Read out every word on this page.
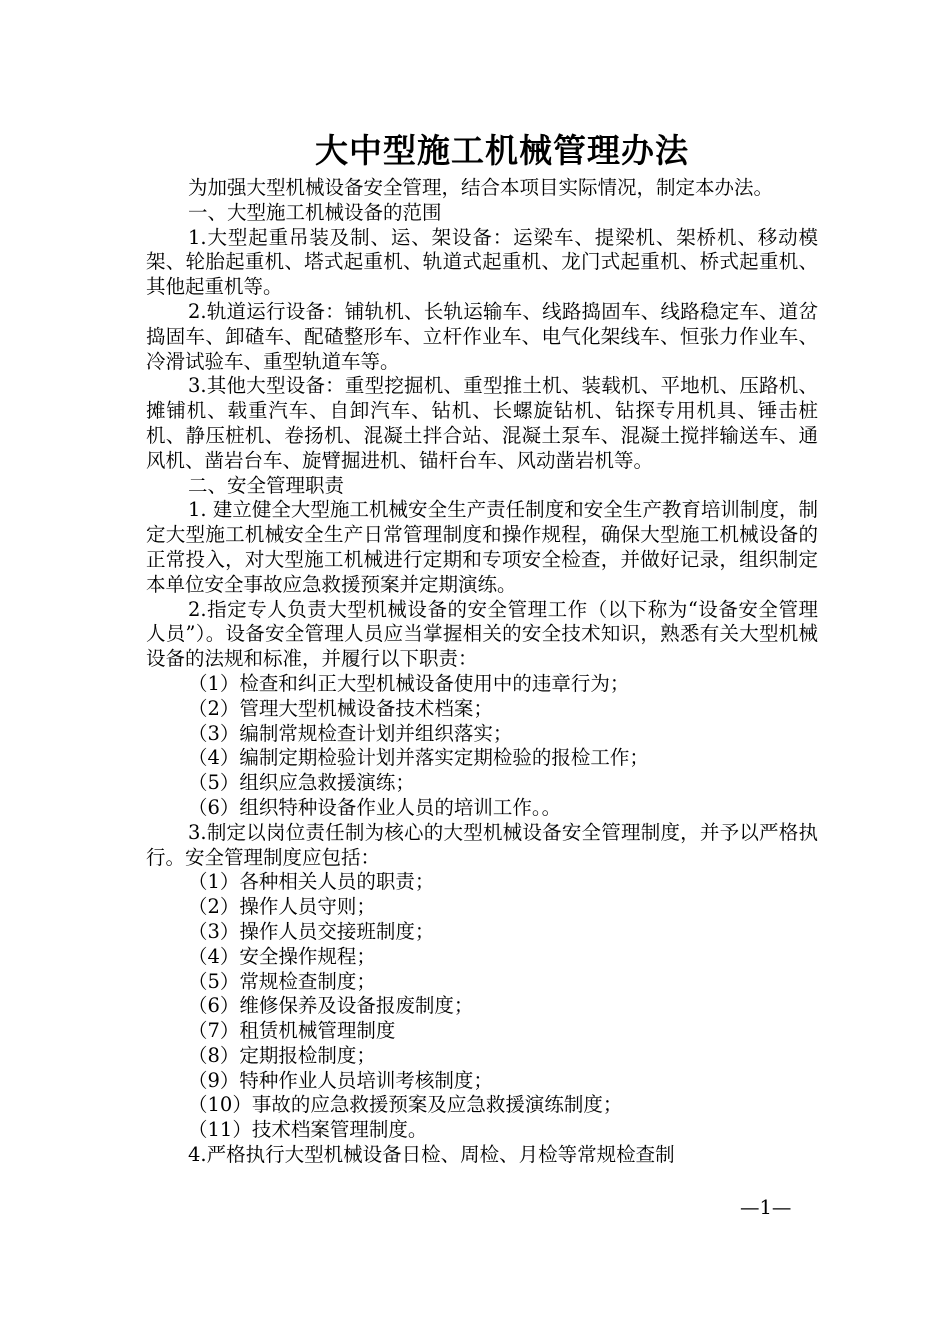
大中型施工机械管理办法

为加强大型机械设备安全管理，结合本项目实际情况，制定本办法。

一、大型施工机械设备的范围

1.大型起重吊装及制、运、架设备：运梁车、提梁机、架桥机、移动模架、轮胎起重机、塔式起重机、轨道式起重机、龙门式起重机、桥式起重机、其他起重机等。

2.轨道运行设备：铺轨机、长轨运输车、线路捣固车、线路稳定车、道岔捣固车、卸碴车、配碴整形车、立杆作业车、电气化架线车、恒张力作业车、冷滑试验车、重型轨道车等。

3.其他大型设备：重型挖掘机、重型推土机、装载机、平地机、压路机、摊铺机、载重汽车、自卸汽车、钻机、长螺旋钻机、钻探专用机具、锤击桩机、静压桩机、卷扬机、混凝土拌合站、混凝土泵车、混凝土搅拌输送车、通风机、凿岩台车、旋臂掘进机、锚杆台车、风动凿岩机等。

二、安全管理职责

1. 建立健全大型施工机械安全生产责任制度和安全生产教育培训制度，制定大型施工机械安全生产日常管理制度和操作规程，确保大型施工机械设备的正常投入，对大型施工机械进行定期和专项安全检查，并做好记录，组织制定本单位安全事故应急救援预案并定期演练。

2.指定专人负责大型机械设备的安全管理工作（以下称为“设备安全管理人员”）。设备安全管理人员应当掌握相关的安全技术知识，熟悉有关大型机械设备的法规和标准，并履行以下职责：

（1）检查和纠正大型机械设备使用中的违章行为；

（2）管理大型机械设备技术档案；

（3）编制常规检查计划并组织落实；

（4）编制定期检验计划并落实定期检验的报检工作；

（5）组织应急救援演练；

（6）组织特种设备作业人员的培训工作。。

3.制定以岗位责任制为核心的大型机械设备安全管理制度，并予以严格执行。安全管理制度应包括：

（1）各种相关人员的职责；

（2）操作人员守则；

（3）操作人员交接班制度；

（4）安全操作规程；

（5）常规检查制度；

（6）维修保养及设备报废制度；

（7）租赁机械管理制度

（8）定期报检制度；

（9）特种作业人员培训考核制度；

（10）事故的应急救援预案及应急救援演练制度；

（11）技术档案管理制度。

4.严格执行大型机械设备日检、周检、月检等常规检查制

—1—
